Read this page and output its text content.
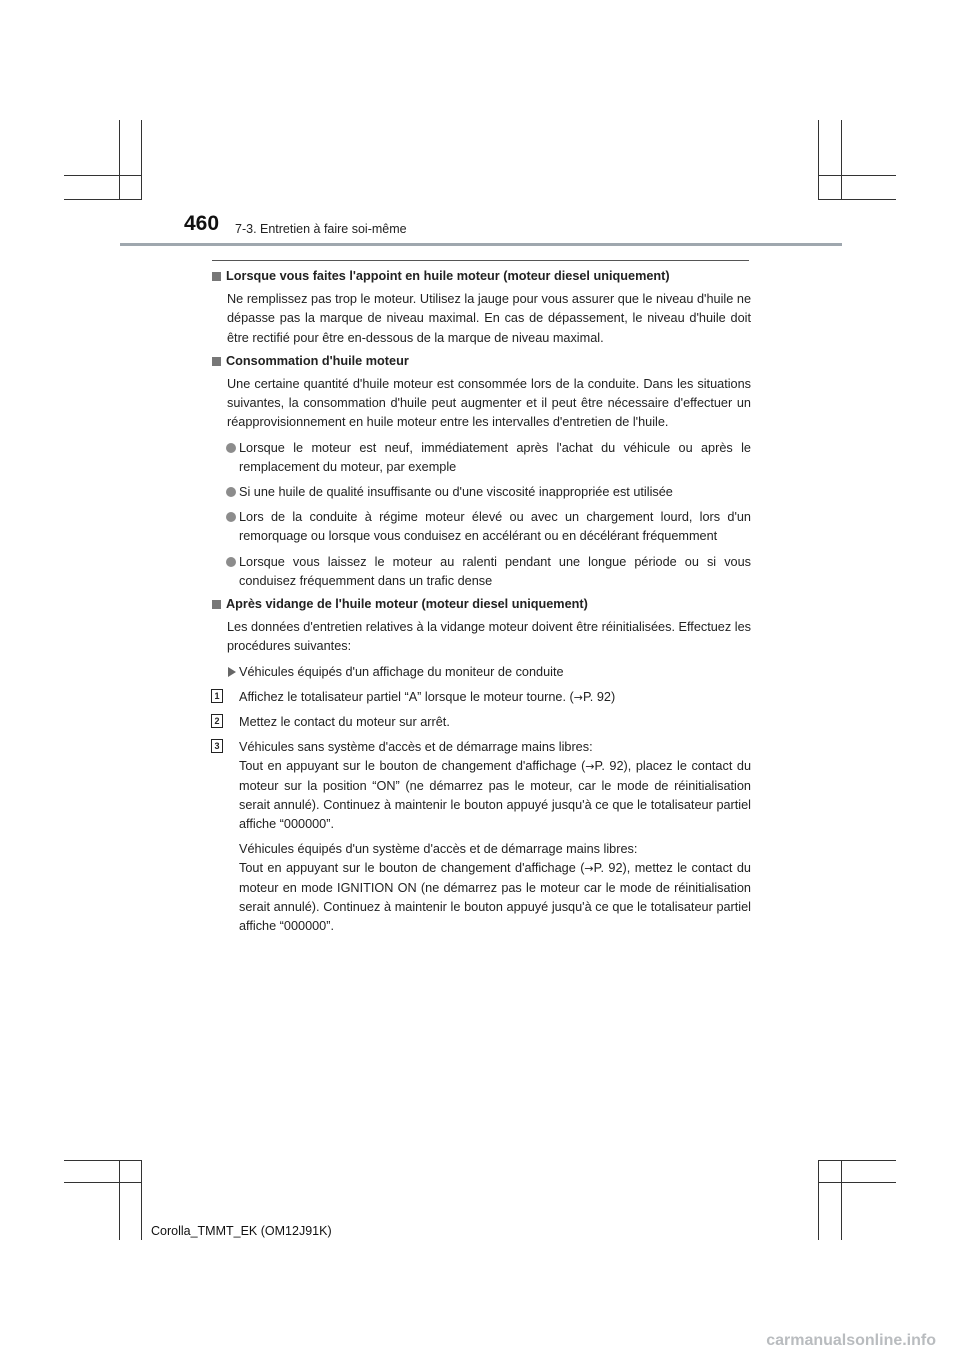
460 7-3. Entretien à faire soi-même
Lorsque vous faites l'appoint en huile moteur (moteur diesel uniquement)

Ne remplissez pas trop le moteur. Utilisez la jauge pour vous assurer que le niveau d'huile ne dépasse pas la marque de niveau maximal. En cas de dépassement, le niveau d'huile doit être rectifié pour être en-dessous de la marque de niveau maximal.

Consommation d'huile moteur

Une certaine quantité d'huile moteur est consommée lors de la conduite. Dans les situations suivantes, la consommation d'huile peut augmenter et il peut être nécessaire d'effectuer un réapprovisionnement en huile moteur entre les intervalles d'entretien de l'huile.

Lorsque le moteur est neuf, immédiatement après l'achat du véhicule ou après le remplacement du moteur, par exemple
Si une huile de qualité insuffisante ou d'une viscosité inappropriée est utilisée
Lors de la conduite à régime moteur élevé ou avec un chargement lourd, lors d'un remorquage ou lorsque vous conduisez en accélérant ou en décélérant fréquemment
Lorsque vous laissez le moteur au ralenti pendant une longue période ou si vous conduisez fréquemment dans un trafic dense
Après vidange de l'huile moteur (moteur diesel uniquement)

Les données d'entretien relatives à la vidange moteur doivent être réinitialisées. Effectuez les procédures suivantes:

Véhicules équipés d'un affichage du moniteur de conduite
1 Affichez le totalisateur partiel “A” lorsque le moteur tourne. (→P. 92)
2 Mettez le contact du moteur sur arrêt.
3 Véhicules sans système d'accès et de démarrage mains libres:
Tout en appuyant sur le bouton de changement d'affichage (→P. 92), placez le contact du moteur sur la position “ON” (ne démarrez pas le moteur, car le mode de réinitialisation serait annulé). Continuez à maintenir le bouton appuyé jusqu'à ce que le totalisateur partiel affiche “000000”.
Véhicules équipés d'un système d'accès et de démarrage mains libres:
Tout en appuyant sur le bouton de changement d'affichage (→P. 92), mettez le contact du moteur en mode IGNITION ON (ne démarrez pas le moteur car le mode de réinitialisation serait annulé). Continuez à maintenir le bouton appuyé jusqu'à ce que le totalisateur partiel affiche “000000”.
Corolla_TMMT_EK (OM12J91K)
carmanualsonline.info
